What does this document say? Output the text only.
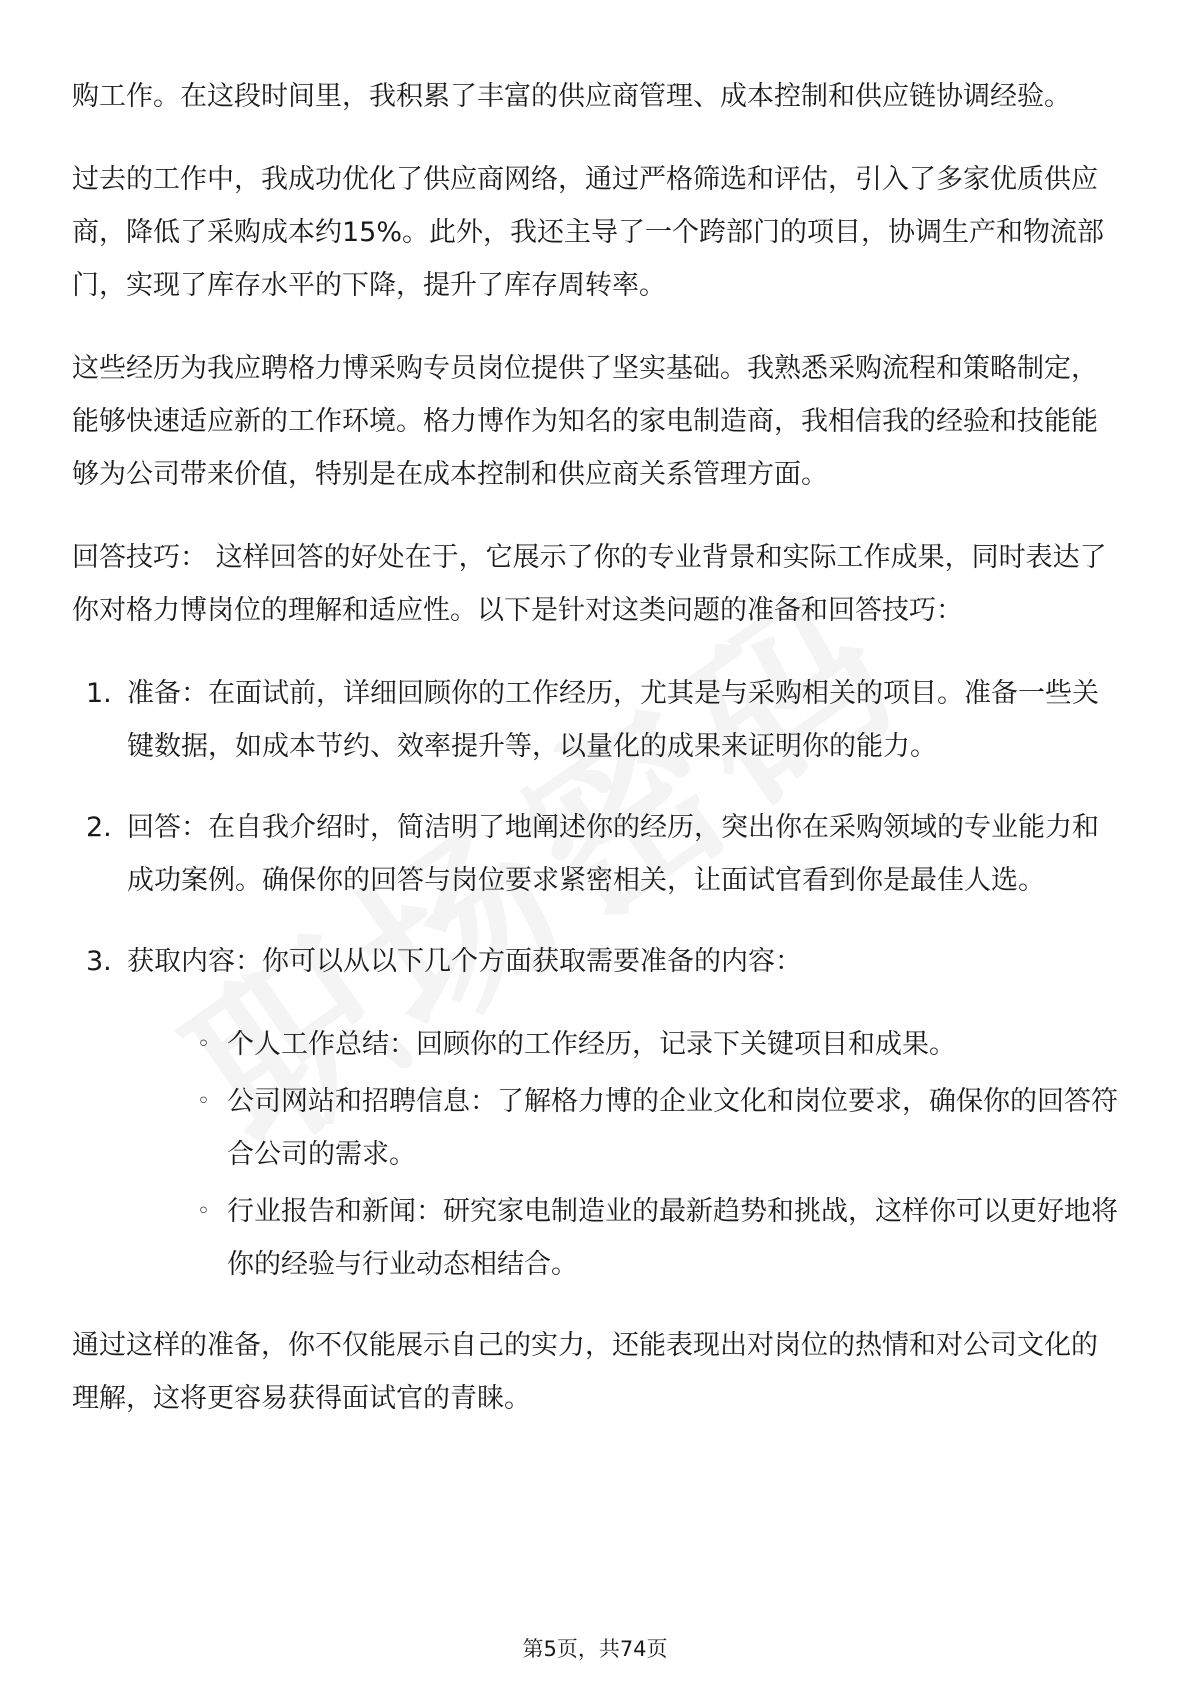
购工作。在这段时间里，我积累了丰富的供应商管理、成本控制和供应链协调经验。

过去的工作中，我成功优化了供应商网络，通过严格筛选和评估，引入了多家优质供应商，降低了采购成本约15%。此外，我还主导了一个跨部门的项目，协调生产和物流部门，实现了库存水平的下降，提升了库存周转率。

这些经历为我应聘格力博采购专员岗位提供了坚实基础。我熟悉采购流程和策略制定，能够快速适应新的工作环境。格力博作为知名的家电制造商，我相信我的经验和技能能够为公司带来价值，特别是在成本控制和供应商关系管理方面。

回答技巧： 这样回答的好处在于，它展示了你的专业背景和实际工作成果，同时表达了你对格力博岗位的理解和适应性。以下是针对这类问题的准备和回答技巧：

1. 准备：在面试前，详细回顾你的工作经历，尤其是与采购相关的项目。准备一些关键数据，如成本节约、效率提升等，以量化的成果来证明你的能力。
2. 回答：在自我介绍时，简洁明了地阐述你的经历，突出你在采购领域的专业能力和成功案例。确保你的回答与岗位要求紧密相关，让面试官看到你是最佳人选。
3. 获取内容：你可以从以下几个方面获取需要准备的内容：
◦ 个人工作总结：回顾你的工作经历，记录下关键项目和成果。
◦ 公司网站和招聘信息：了解格力博的企业文化和岗位要求，确保你的回答符合公司的需求。
◦ 行业报告和新闻：研究家电制造业的最新趋势和挑战，这样你可以更好地将你的经验与行业动态相结合。

通过这样的准备，你不仅能展示自己的实力，还能表现出对岗位的热情和对公司文化的理解，这将更容易获得面试官的青睐。

第5页，共74页
